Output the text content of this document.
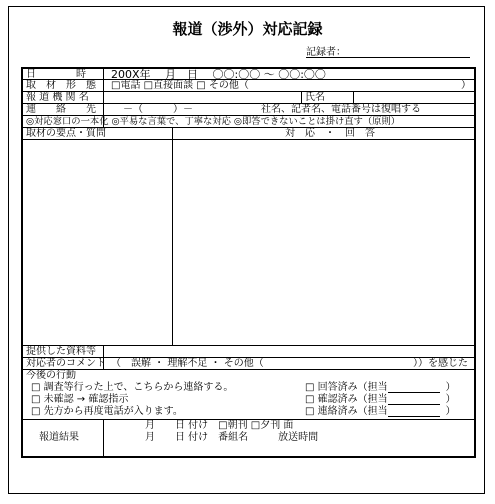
報道（渉外）対応記録
記録者：
日　　　　時 200X年　 月　日　 〇〇:〇〇 ～ 〇〇:〇〇
取　材　形　態 □電話 □直接面談 □ その他（	）
報 道 機 関 名	氏名
連　　絡　　先	－（　　　）－	社名、記者名、電話番号は復唱する
◎対応窓口の一本化 ◎平易な言葉で、丁寧な対応 ◎即答できないことは掛け直す（原則）
取材の要点・質問	対　応　・　回　答
提供した資料等
対応者のコメント （　誤解 ・ 理解不足 ・ その他（	））を感じた
今後の行動
□ 調査等行った上で、こちらから連絡する。
□ 未確認 → 確認指示
□ 先方から再度電話が入ります。
□ 回答済み（担当	）
□ 確認済み（担当	）
□ 連絡済み（担当	）
報道結果
月　　日 付け　□朝刊 □夕刊 面
月　　日 付け　番組名　　　放送時間
